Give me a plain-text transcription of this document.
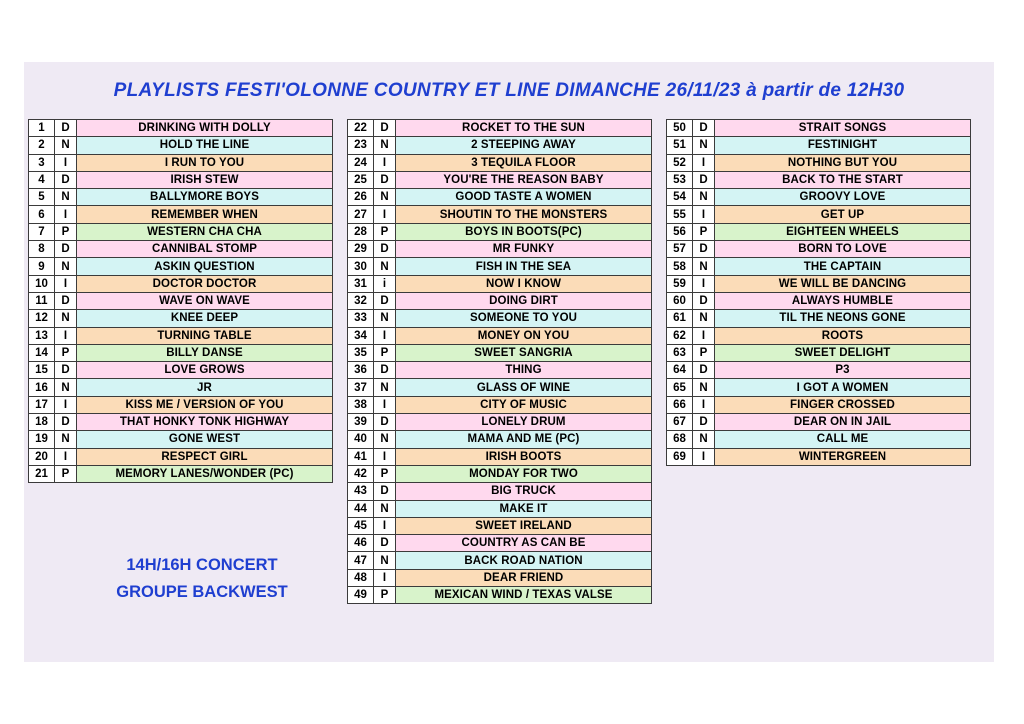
PLAYLISTS FESTI'OLONNE COUNTRY ET LINE DIMANCHE 26/11/23 à partir de 12H30
1	D	DRINKING WITH DOLLY
2	N	HOLD THE LINE
3	I	I RUN TO YOU
4	D	IRISH STEW
5	N	BALLYMORE BOYS
6	I	REMEMBER WHEN
7	P	WESTERN CHA CHA
8	D	CANNIBAL STOMP
9	N	ASKIN QUESTION
10	I	DOCTOR DOCTOR
11	D	WAVE ON WAVE
12	N	KNEE DEEP
13	I	TURNING TABLE
14	P	BILLY DANSE
15	D	LOVE GROWS
16	N	JR
17	I	KISS ME / VERSION OF YOU
18	D	THAT HONKY TONK HIGHWAY
19	N	GONE WEST
20	I	RESPECT GIRL
21	P	MEMORY LANES/WONDER (PC)
22	D	ROCKET TO THE SUN
23	N	2 STEEPING AWAY
24	I	3 TEQUILA FLOOR
25	D	YOU'RE THE REASON BABY
26	N	GOOD TASTE A WOMEN
27	I	SHOUTIN TO THE MONSTERS
28	P	BOYS IN BOOTS(PC)
29	D	MR FUNKY
30	N	FISH IN THE SEA
31	i	NOW I KNOW
32	D	DOING DIRT
33	N	SOMEONE TO YOU
34	I	MONEY ON YOU
35	P	SWEET SANGRIA
36	D	THING
37	N	GLASS OF WINE
38	I	CITY OF MUSIC
39	D	LONELY DRUM
40	N	MAMA AND ME (PC)
41	I	IRISH BOOTS
42	P	MONDAY FOR TWO
43	D	BIG TRUCK
44	N	MAKE IT
45	I	SWEET IRELAND
46	D	COUNTRY AS CAN BE
47	N	BACK ROAD NATION
48	I	DEAR FRIEND
49	P	MEXICAN WIND / TEXAS VALSE
50	D	STRAIT SONGS
51	N	FESTINIGHT
52	I	NOTHING BUT YOU
53	D	BACK TO THE START
54	N	GROOVY LOVE
55	I	GET UP
56	P	EIGHTEEN WHEELS
57	D	BORN TO LOVE
58	N	THE CAPTAIN
59	I	WE WILL BE DANCING
60	D	ALWAYS HUMBLE
61	N	TIL THE NEONS GONE
62	I	ROOTS
63	P	SWEET DELIGHT
64	D	P3
65	N	I GOT A WOMEN
66	I	FINGER CROSSED
67	D	DEAR ON IN JAIL
68	N	CALL ME
69	I	WINTERGREEN
14H/16H CONCERT
GROUPE BACKWEST
